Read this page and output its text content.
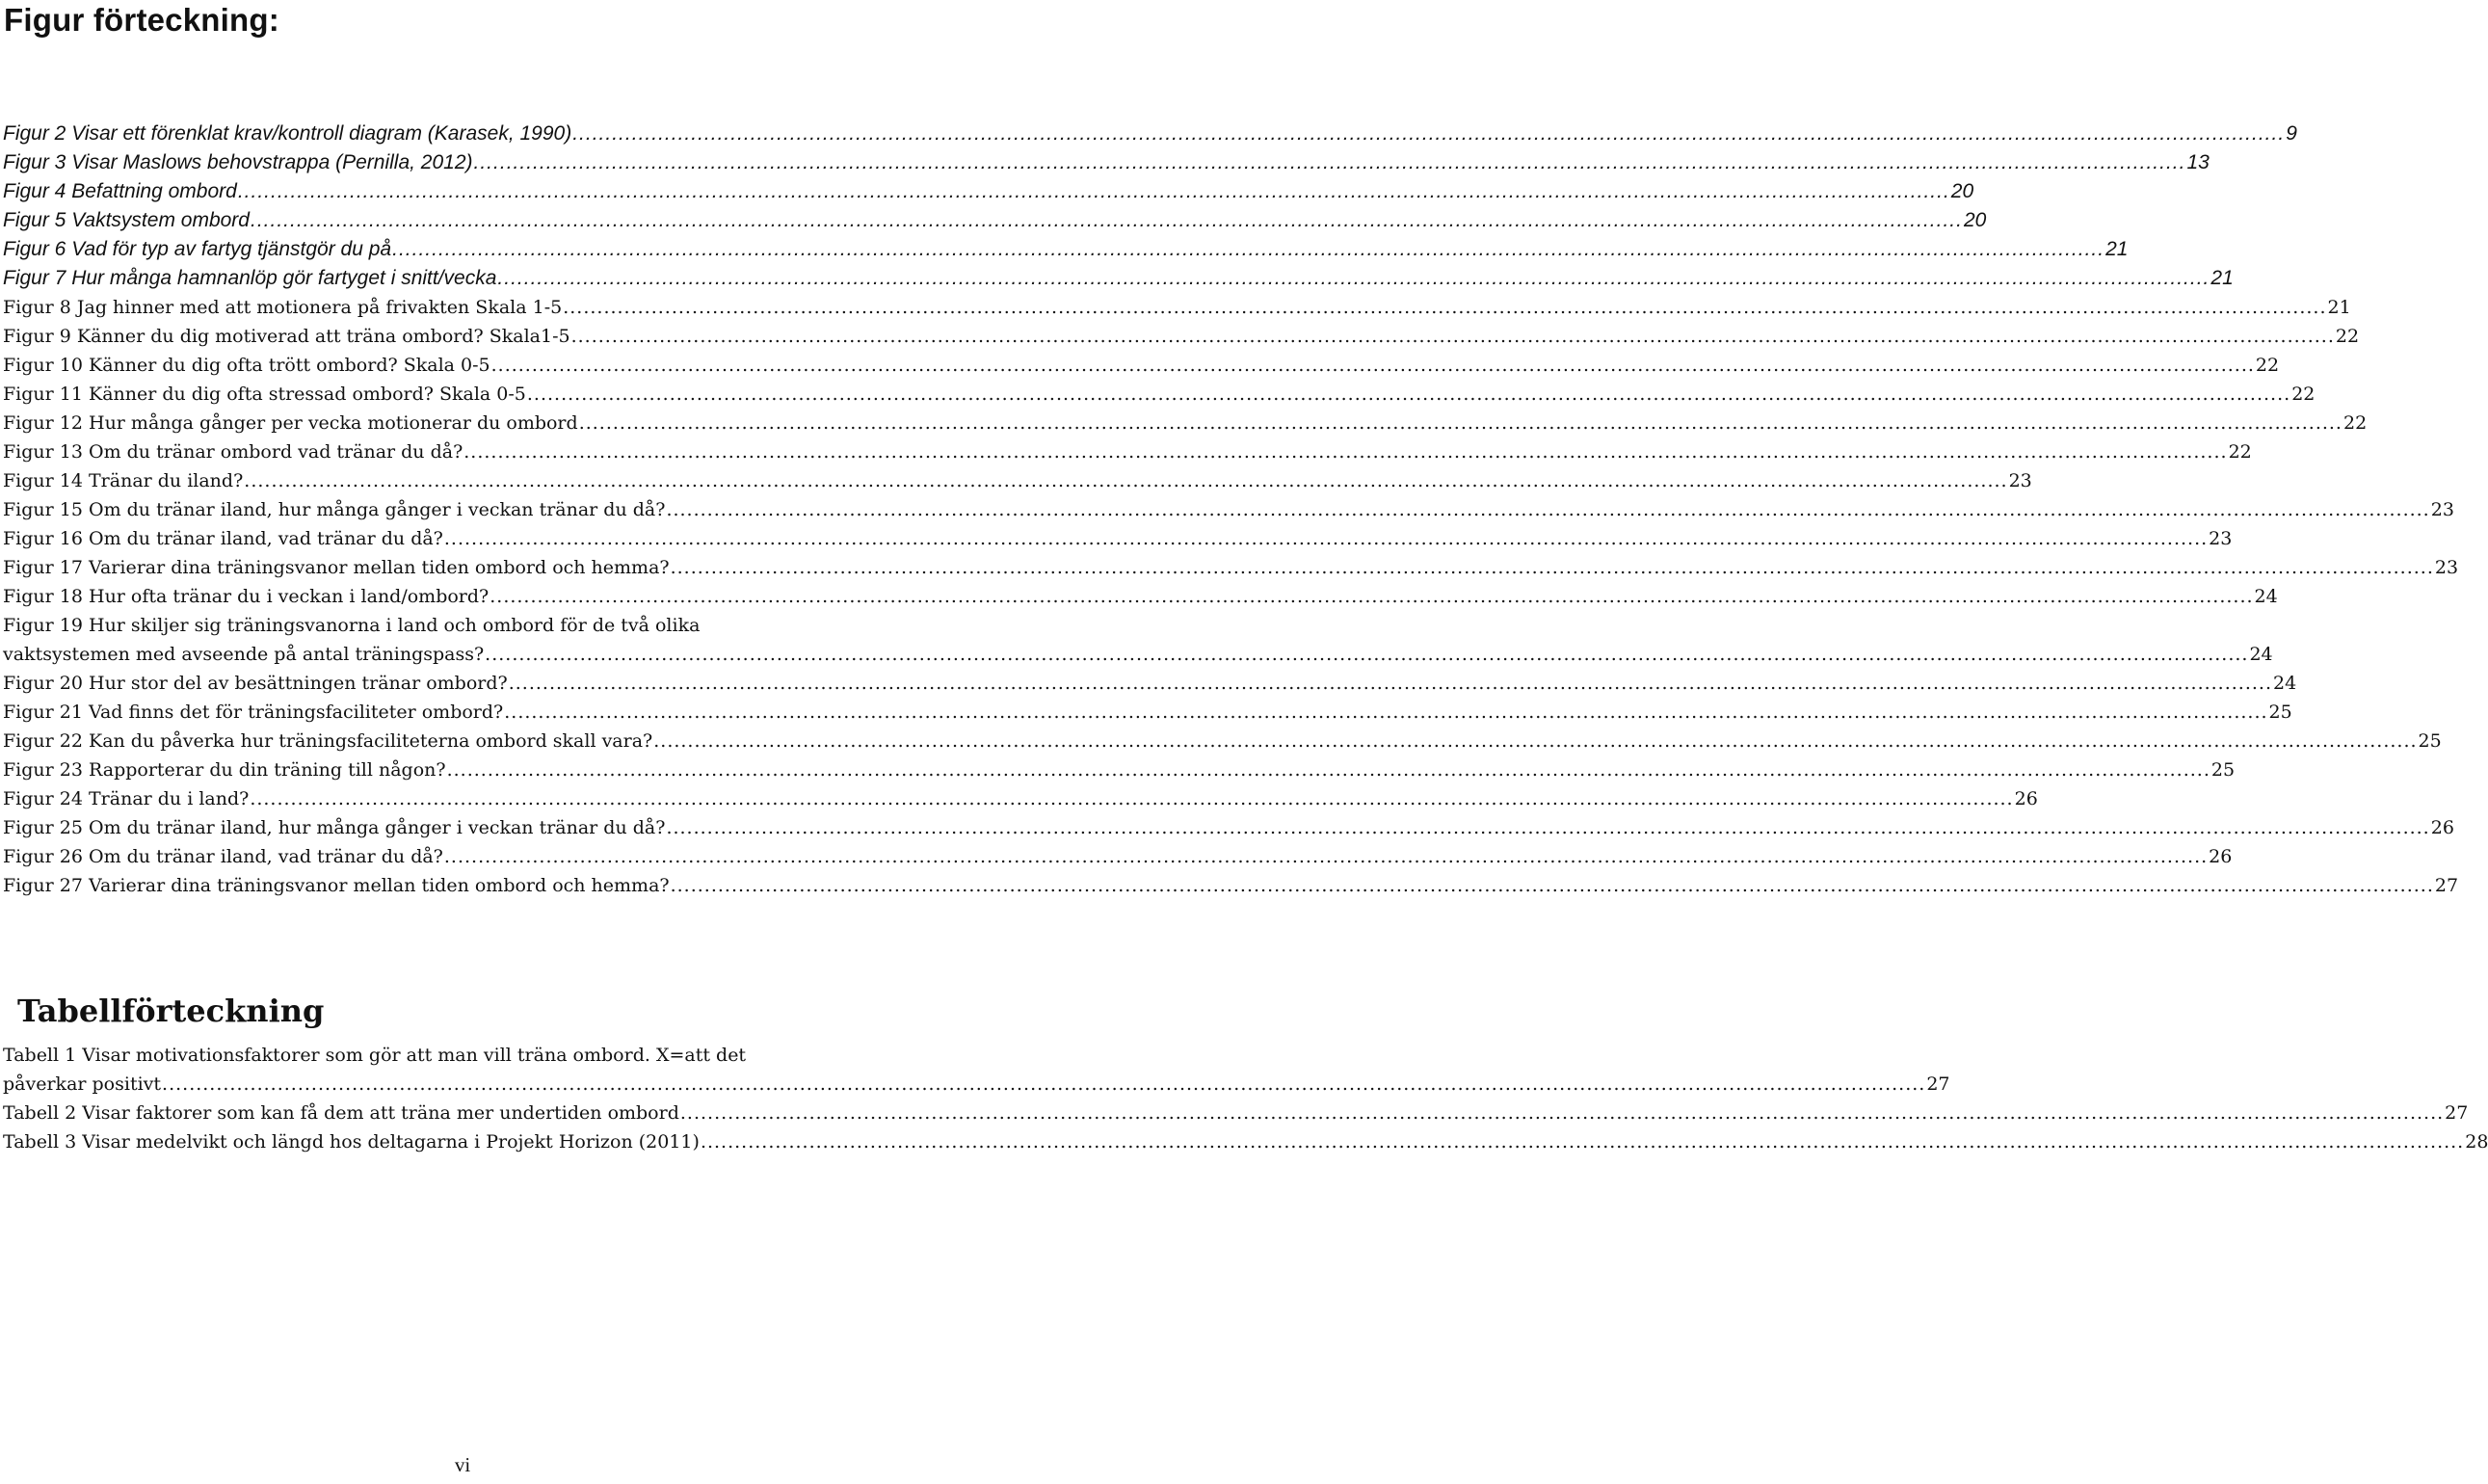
Figur förteckning:
Figur 2 Visar ett förenklat krav/kontroll diagram (Karasek, 1990) .....	9
Figur 3 Visar Maslows behovstrappa (Pernilla, 2012) .....	13
Figur 4 Befattning ombord .....	20
Figur 5 Vaktsystem ombord .....	20
Figur 6 Vad för typ av fartyg tjänstgör du på .....	21
Figur 7 Hur många hamnanlöp gör fartyget i snitt/vecka .....	21
Figur 8 Jag hinner med att motionera på frivakten Skala 1-5 .....	21
Figur 9 Känner du dig motiverad att träna ombord? Skala1-5 .....	22
Figur 10 Känner du dig ofta trött ombord? Skala 0-5 .....	22
Figur 11 Känner du dig ofta stressad ombord? Skala 0-5 .....	22
Figur 12 Hur många gånger per vecka motionerar du ombord .....	22
Figur 13 Om du tränar ombord vad tränar du då? .....	22
Figur 14 Tränar du iland? .....	23
Figur 15 Om du tränar iland, hur många gånger i veckan tränar du då? .....	23
Figur 16 Om du tränar iland, vad tränar du då? .....	23
Figur 17 Varierar dina träningsvanor mellan tiden ombord och hemma? .....	23
Figur 18 Hur ofta tränar du i veckan i land/ombord? .....	24
Figur 19 Hur skiljer sig träningsvanorna i land och ombord för de två olika
vaktsystemen med avseende på antal träningspass? .....	24
Figur 20 Hur stor del av besättningen tränar ombord? .....	24
Figur 21 Vad finns det för träningsfaciliteter ombord? .....	25
Figur 22 Kan du påverka hur träningsfaciliteterna ombord skall vara? .....	25
Figur 23 Rapporterar du din träning till någon? .....	25
Figur 24 Tränar du i land? .....	26
Figur 25 Om du tränar iland, hur många gånger i veckan tränar du då? .....	26
Figur 26 Om du tränar iland, vad tränar du då? .....	26
Figur 27 Varierar dina träningsvanor mellan tiden ombord och hemma? .....	27
Tabellförteckning
Tabell 1 Visar motivationsfaktorer som gör att man vill träna ombord. X=att det
påverkar positivt .....	27
Tabell 2 Visar faktorer som kan få dem att träna mer undertiden ombord .....	27
Tabell 3 Visar medelvikt och längd hos deltagarna i Projekt Horizon (2011) .....	28
vi
